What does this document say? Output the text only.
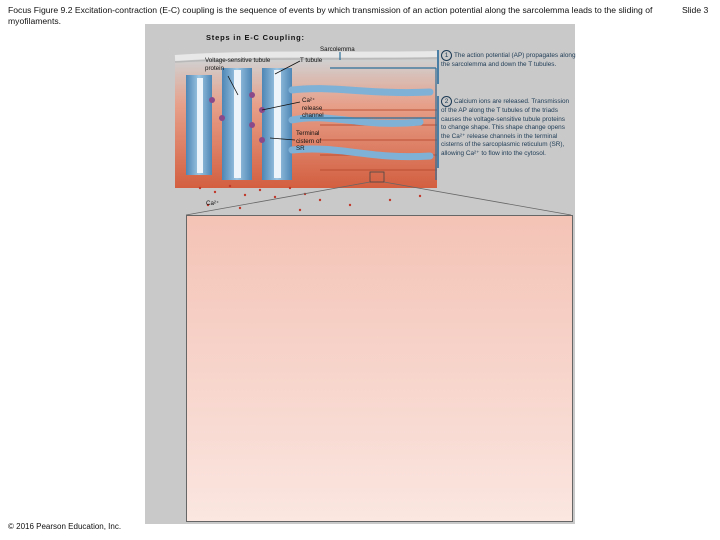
Focus Figure 9.2 Excitation-contraction (E-C) coupling is the sequence of events by which transmission of an action potential along the sarcolemma leads to the sliding of myofilaments.
Slide 3
Steps in E-C Coupling:
Sarcolemma
Voltage-sensitive tubule protein
T tubule
Ca²⁺ release channel
Terminal cistern of SR
Ca²⁺
1 The action potential (AP) propagates along the sarcolemma and down the T tubules.
2 Calcium ions are released. Transmission of the AP along the T tubules of the triads causes the voltage-sensitive tubule proteins to change shape. This shape change opens the Ca²⁺ release channels in the terminal cisterns of the sarcoplasmic reticulum (SR), allowing Ca²⁺ to flow into the cytosol.
© 2016 Pearson Education, Inc.
